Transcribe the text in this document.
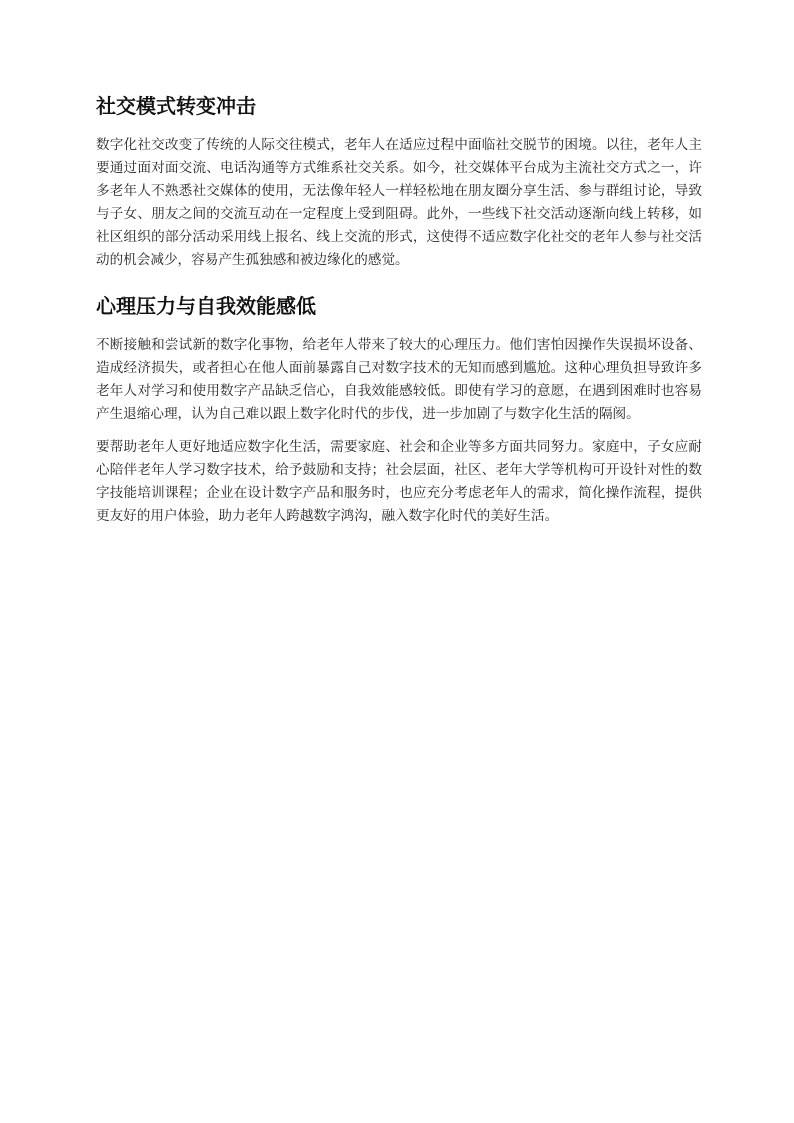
社交模式转变冲击

数字化社交改变了传统的人际交往模式，老年人在适应过程中面临社交脱节的困境。以往，老年人主要通过面对面交流、电话沟通等方式维系社交关系。如今，社交媒体平台成为主流社交方式之一，许多老年人不熟悉社交媒体的使用，无法像年轻人一样轻松地在朋友圈分享生活、参与群组讨论，导致与子女、朋友之间的交流互动在一定程度上受到阻碍。此外，一些线下社交活动逐渐向线上转移，如社区组织的部分活动采用线上报名、线上交流的形式，这使得不适应数字化社交的老年人参与社交活动的机会减少，容易产生孤独感和被边缘化的感觉。

心理压力与自我效能感低

不断接触和尝试新的数字化事物，给老年人带来了较大的心理压力。他们害怕因操作失误损坏设备、造成经济损失，或者担心在他人面前暴露自己对数字技术的无知而感到尴尬。这种心理负担导致许多老年人对学习和使用数字产品缺乏信心，自我效能感较低。即使有学习的意愿，在遇到困难时也容易产生退缩心理，认为自己难以跟上数字化时代的步伐，进一步加剧了与数字化生活的隔阂。

要帮助老年人更好地适应数字化生活，需要家庭、社会和企业等多方面共同努力。家庭中，子女应耐心陪伴老年人学习数字技术，给予鼓励和支持；社会层面，社区、老年大学等机构可开设针对性的数字技能培训课程；企业在设计数字产品和服务时，也应充分考虑老年人的需求，简化操作流程，提供更友好的用户体验，助力老年人跨越数字鸿沟，融入数字化时代的美好生活。
